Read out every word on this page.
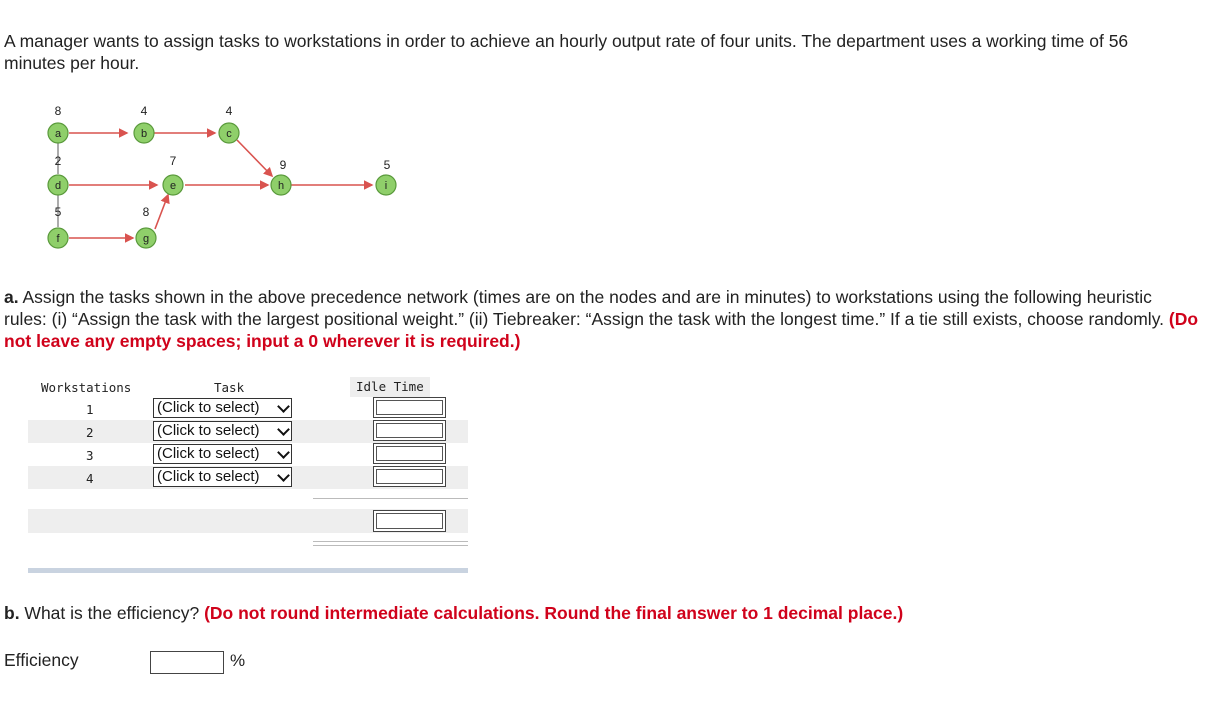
A manager wants to assign tasks to workstations in order to achieve an hourly output rate of four units. The department uses a working time of 56 minutes per hour.
8	4	4
2	7	9	5
5	8
a	b	c
d	e	h	i
f	g
a. Assign the tasks shown in the above precedence network (times are on the nodes and are in minutes) to workstations using the following heuristic rules: (i) “Assign the task with the largest positional weight.” (ii) Tiebreaker: “Assign the task with the longest time.” If a tie still exists, choose randomly. (Do not leave any empty spaces; input a 0 wherever it is required.)
Workstations	Task	Idle Time
1	(Click to select)
2	(Click to select)
3	(Click to select)
4	(Click to select)
b. What is the efficiency? (Do not round intermediate calculations. Round the final answer to 1 decimal place.)
Efficiency	%
